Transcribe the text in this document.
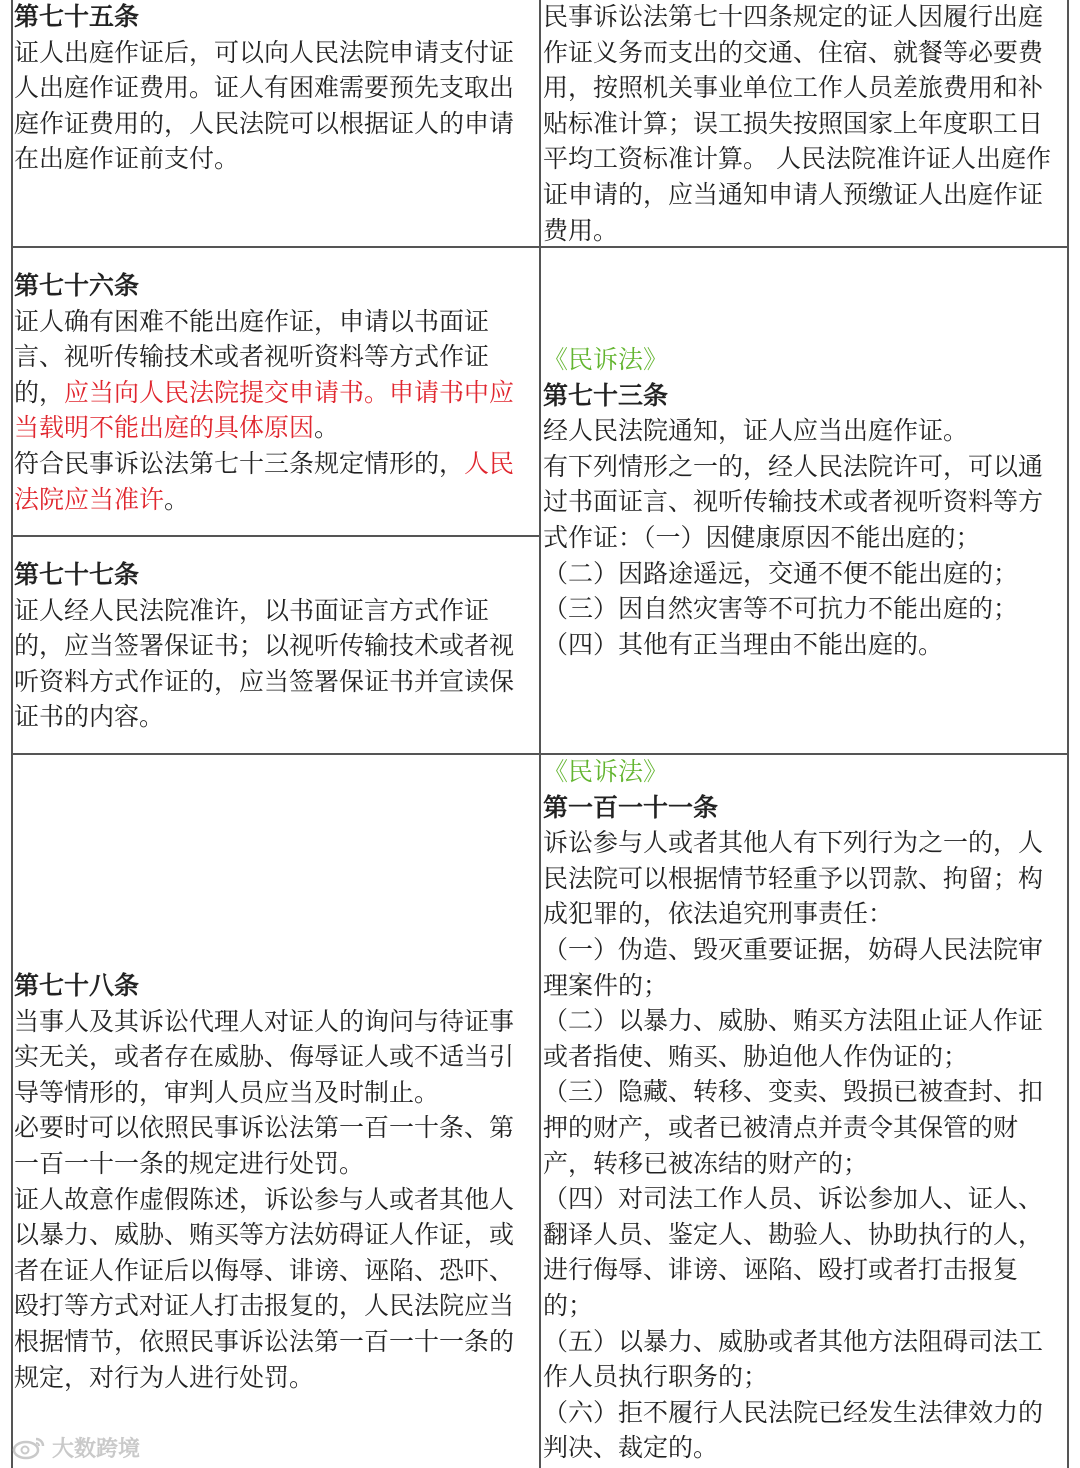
第七十五条

证人出庭作证后，可以向人民法院申请支付证人出庭作证费用。证人有困难需要预先支取出庭作证费用的，人民法院可以根据证人的申请在出庭作证前支付。

民事诉讼法第七十四条规定的证人因履行出庭作证义务而支出的交通、住宿、就餐等必要费用，按照机关事业单位工作人员差旅费用和补贴标准计算；误工损失按照国家上年度职工日平均工资标准计算。 人民法院准许证人出庭作证申请的，应当通知申请人预缴证人出庭作证费用。

第七十六条

证人确有困难不能出庭作证，申请以书面证言、视听传输技术或者视听资料等方式作证的，应当向人民法院提交申请书。申请书中应当载明不能出庭的具体原因。

符合民事诉讼法第七十三条规定情形的，人民法院应当准许。

第七十七条

证人经人民法院准许，以书面证言方式作证的，应当签署保证书；以视听传输技术或者视听资料方式作证的，应当签署保证书并宣读保证书的内容。

《民诉法》

第七十三条

经人民法院通知，证人应当出庭作证。

有下列情形之一的，经人民法院许可，可以通过书面证言、视听传输技术或者视听资料等方式作证：（一）因健康原因不能出庭的；

（二）因路途遥远，交通不便不能出庭的；

（三）因自然灾害等不可抗力不能出庭的；

（四）其他有正当理由不能出庭的。

第七十八条

当事人及其诉讼代理人对证人的询问与待证事实无关，或者存在威胁、侮辱证人或不适当引导等情形的，审判人员应当及时制止。

必要时可以依照民事诉讼法第一百一十条、第一百一十一条的规定进行处罚。

证人故意作虚假陈述，诉讼参与人或者其他人以暴力、威胁、贿买等方法妨碍证人作证，或者在证人作证后以侮辱、诽谤、诬陷、恐吓、殴打等方式对证人打击报复的，人民法院应当根据情节，依照民事诉讼法第一百一十一条的规定，对行为人进行处罚。

《民诉法》

第一百一十一条

诉讼参与人或者其他人有下列行为之一的，人民法院可以根据情节轻重予以罚款、拘留；构成犯罪的，依法追究刑事责任：

（一）伪造、毁灭重要证据，妨碍人民法院审理案件的；

（二）以暴力、威胁、贿买方法阻止证人作证或者指使、贿买、胁迫他人作伪证的；

（三）隐藏、转移、变卖、毁损已被查封、扣押的财产，或者已被清点并责令其保管的财产，转移已被冻结的财产的；

（四）对司法工作人员、诉讼参加人、证人、翻译人员、鉴定人、勘验人、协助执行的人，进行侮辱、诽谤、诬陷、殴打或者打击报复的；

（五）以暴力、威胁或者其他方法阻碍司法工作人员执行职务的；

（六）拒不履行人民法院已经发生法律效力的判决、裁定的。

大数跨境
